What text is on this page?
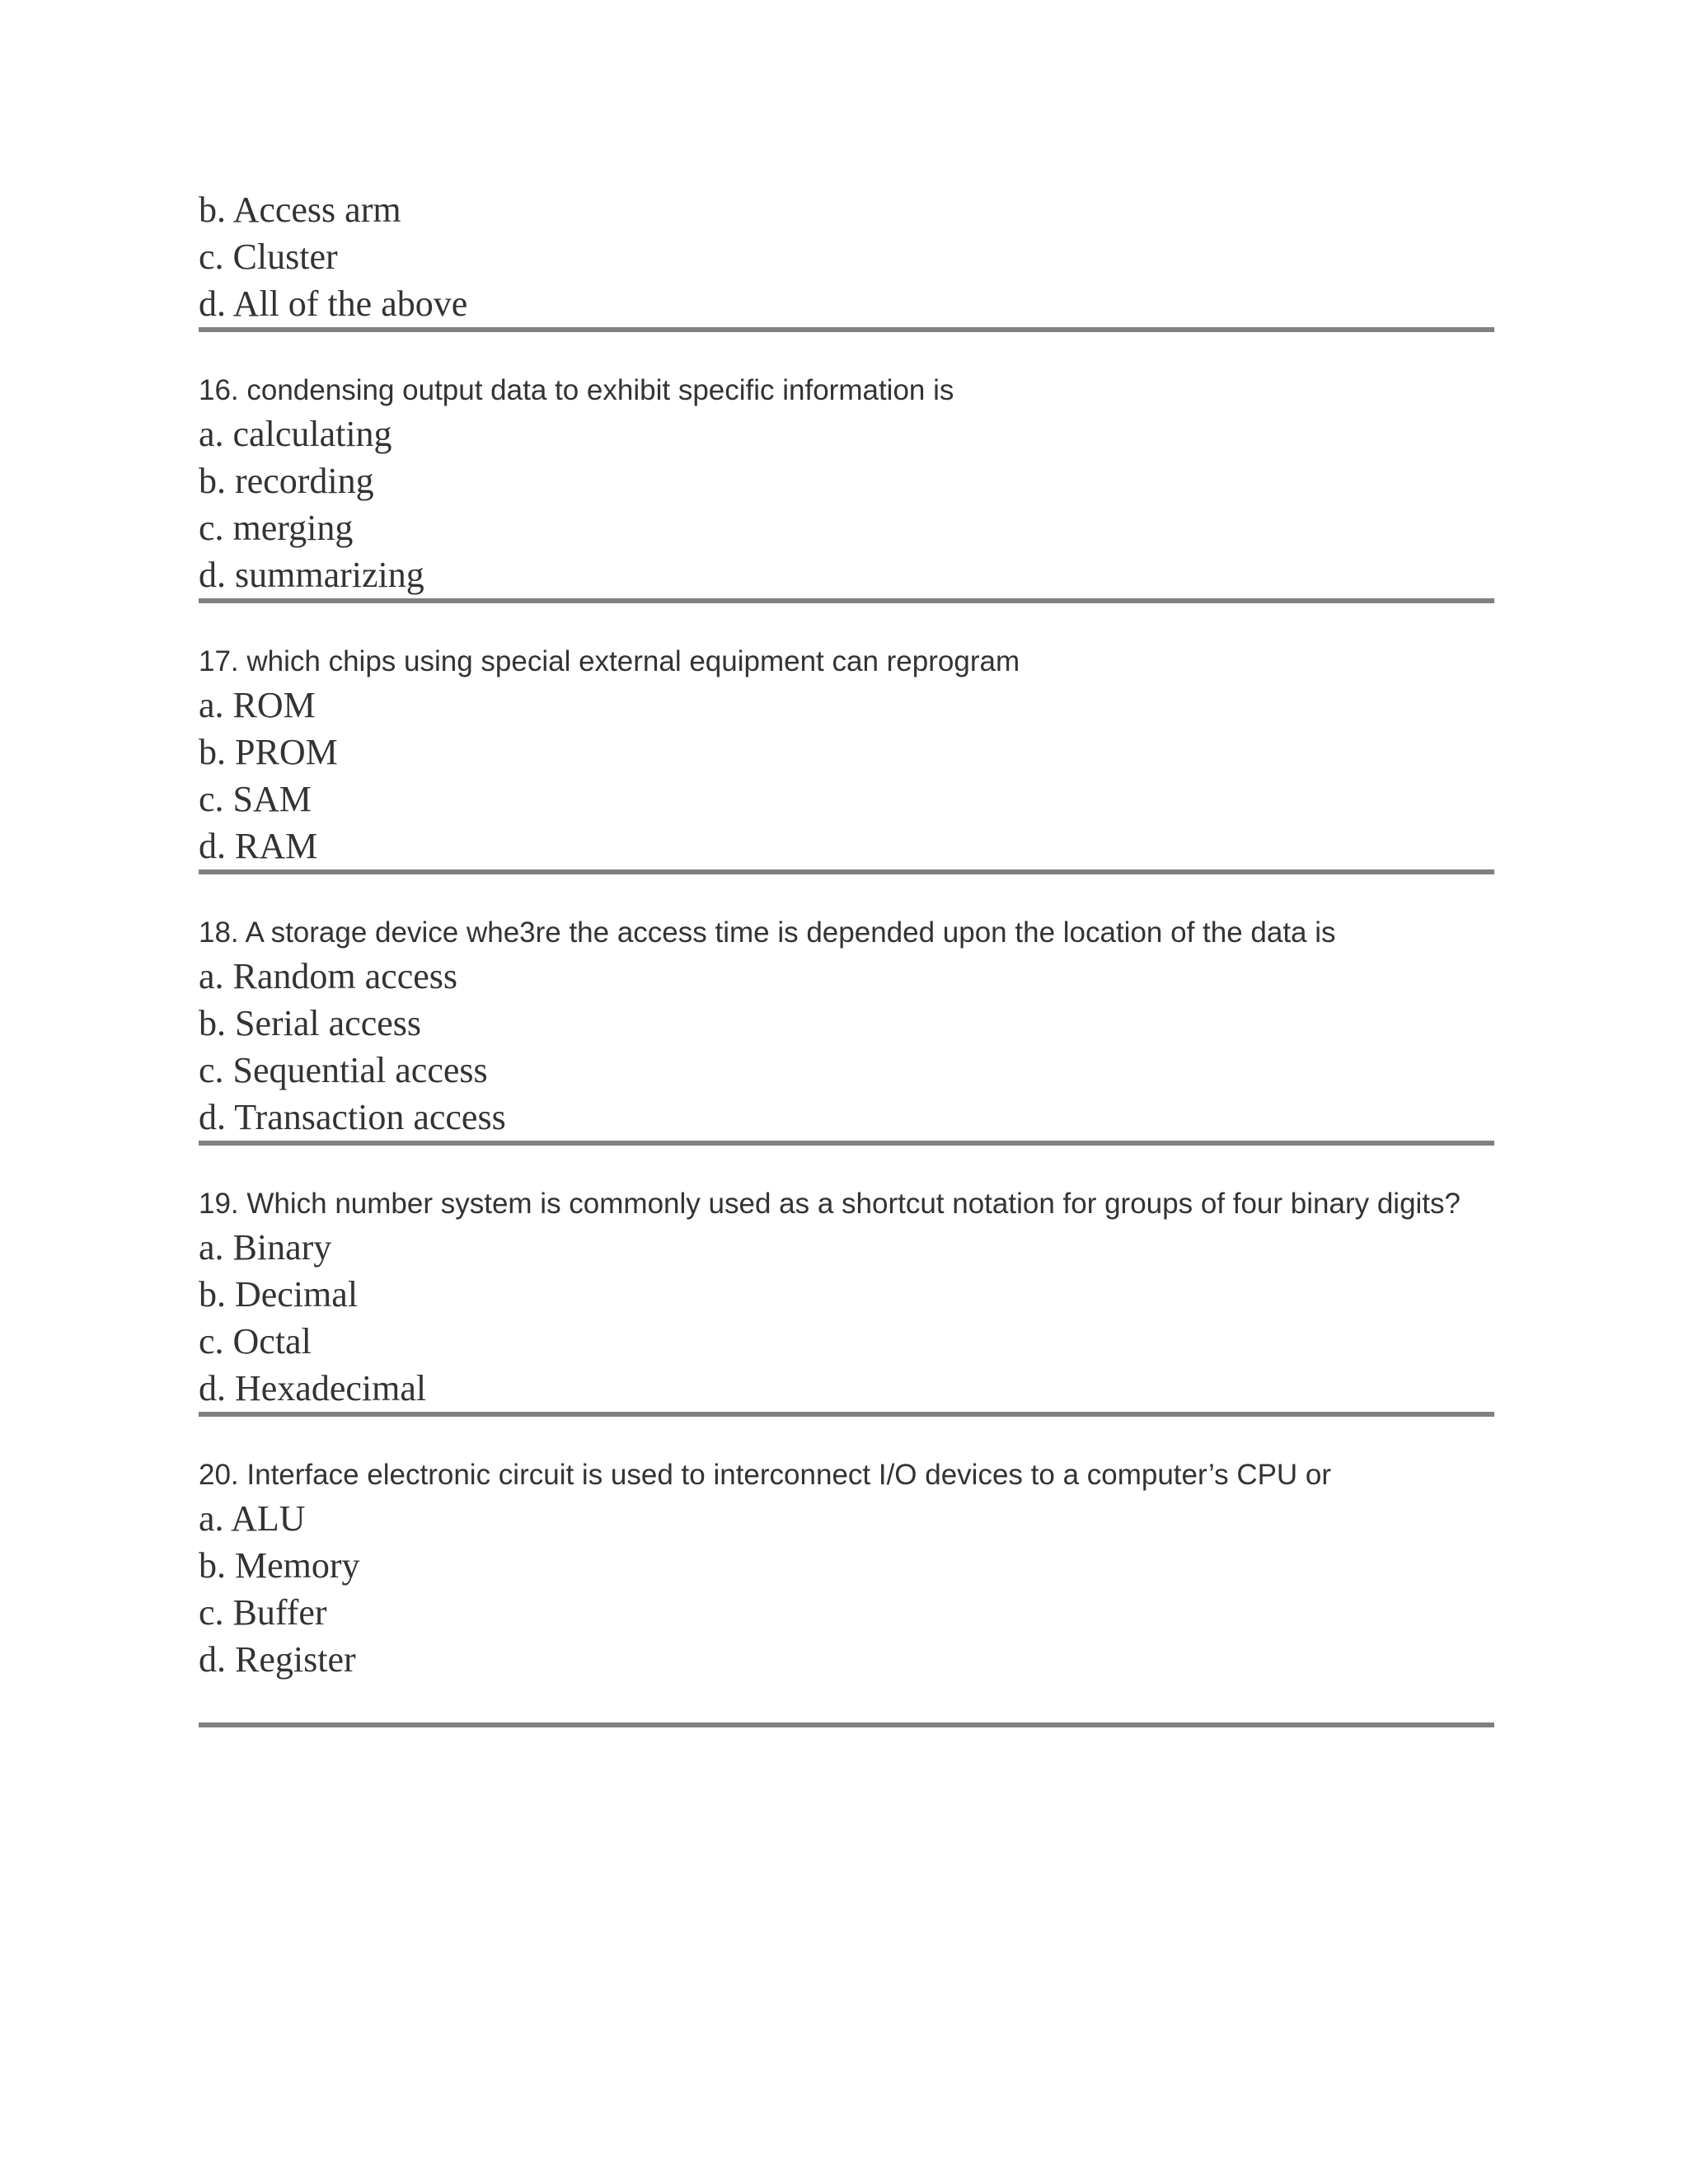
b. Access arm
c. Cluster
d. All of the above
16. condensing output data to exhibit specific information is
a. calculating
b. recording
c. merging
d. summarizing
17. which chips using special external equipment can reprogram
a. ROM
b. PROM
c. SAM
d. RAM
18. A storage device whe3re the access time is depended upon the location of the data is
a. Random access
b. Serial access
c. Sequential access
d. Transaction access
19. Which number system is commonly used as a shortcut notation for groups of four binary digits?
a. Binary
b. Decimal
c. Octal
d. Hexadecimal
20. Interface electronic circuit is used to interconnect I/O devices to a computer’s CPU or
a. ALU
b. Memory
c. Buffer
d. Register
